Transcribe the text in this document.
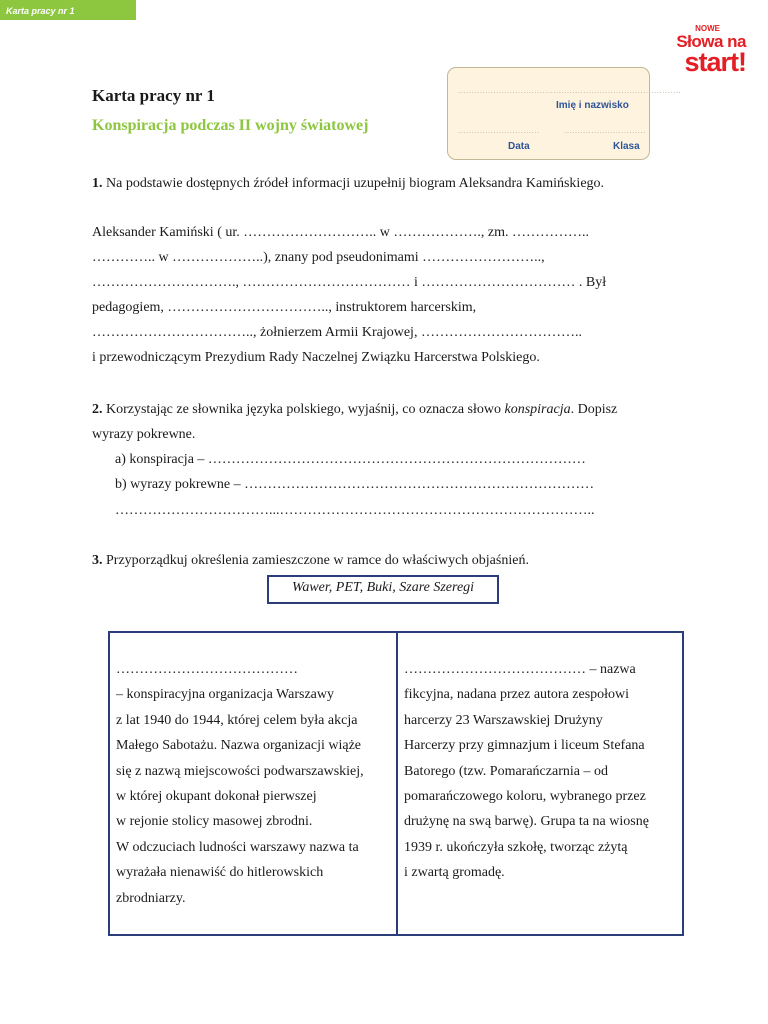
Karta pracy nr 1
NOWE
Słowa na
start!
Karta pracy nr 1
Konspiracja podczas II wojny światowej
..................................................................................
Imię i nazwisko
..............................	..............................
Data	Klasa
1. Na podstawie dostępnych źródeł informacji uzupełnij biogram Aleksandra Kamińskiego.
Aleksander Kamiński ( ur. ……………………….. w ………………., zm. ……………..
………….. w ………………..), znany pod pseudonimami ……………………..,
…………………………., ……………………………… i …………………………… . Był
pedagogiem, …………………………….., instruktorem harcerskim,
…………………………….., żołnierzem Armii Krajowej, ……………………………..
i przewodniczącym Prezydium Rady Naczelnej Związku Harcerstwa Polskiego.
2. Korzystając ze słownika języka polskiego, wyjaśnij, co oznacza słowo konspiracja. Dopisz
wyrazy pokrewne.
a) konspiracja – ………………………………………………………………………
b) wyrazy pokrewne – …………………………………………………………………
……………………………...…………………………………………………………..
3. Przyporządkuj określenia zamieszczone w ramce do właściwych objaśnień.
Wawer, PET, Buki, Szare Szeregi
…………………………………
– konspiracyjna organizacja Warszawy
z lat 1940 do 1944, której celem była akcja
Małego Sabotażu. Nazwa organizacji wiąże
się z nazwą miejscowości podwarszawskiej,
w której okupant dokonał pierwszej
w rejonie stolicy masowej zbrodni.
W odczuciach ludności warszawy nazwa ta
wyrażała nienawiść do hitlerowskich
zbrodniarzy.
………………………………… – nazwa
fikcyjna, nadana przez autora zespołowi
harcerzy 23 Warszawskiej Drużyny
Harcerzy przy gimnazjum i liceum Stefana
Batorego (tzw. Pomarańczarnia – od
pomarańczowego koloru, wybranego przez
drużynę na swą barwę). Grupa ta na wiosnę
1939 r. ukończyła szkołę, tworząc zżytą
i zwartą gromadę.
